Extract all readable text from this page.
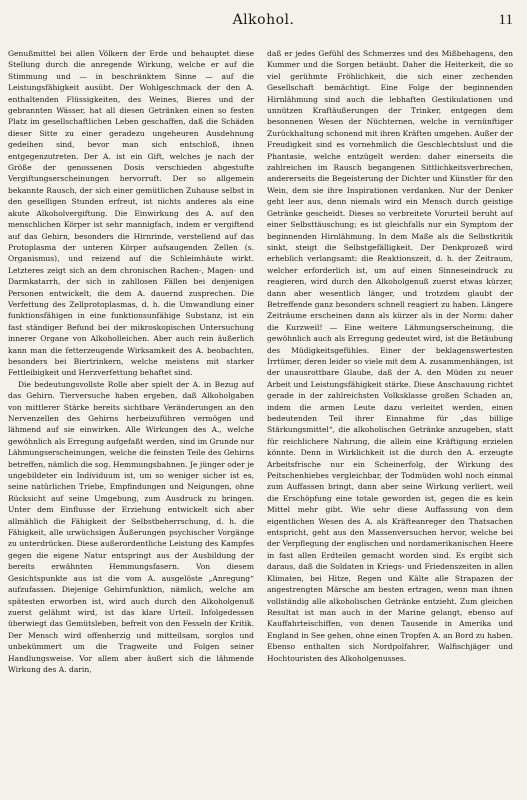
Alkohol.	11

Genußmittel bei allen Völkern der Erde und behauptet diese Stellung durch die anregende Wirkung, welche er auf die Stimmung und — in beschränktem Sinne — auf die Leistungsfähigkeit ausübt. Der Wohlgeschmack der den A. enthaltenden Flüssigkeiten, des Weines, Bieres und der gebrannten Wässer, hat all diesen Getränken einen so festen Platz im gesellschaftlichen Leben geschaffen, daß die Schäden dieser Sitte zu einer geradezu ungeheuren Ausdehnung gedeihen sind, bevor man sich entschloß, ihnen entgegenzutreten. Der A. ist ein Gift, welches je nach der Größe der genossenen Dosis verschieden abgestufte Vergiftungserscheinungen hervorruft. Der so allgemein bekannte Rausch, der sich einer gemütlichen Zuhause selbst in den geselligen Stunden erfreut, ist nichts anderes als eine akute Alkoholvergiftung. Die Einwirkung des A. auf den menschlichen Körper ist sehr mannigfach, indem er vergiftend auf das Gehirn, besonders die Hirnrinde, verstellend auf das Protoplasma der unteren Körper aufsaugenden Zellen (s. Organismus), und reizend auf die Schleimhäute wirkt. Letzteres zeigt sich an dem chronischen Rachen-, Magen- und Darmkatarrh, der sich in zahllosen Fällen bei denjenigen Personen entwickelt, die dem A. dauernd zusprechen. Die Verfettung des Zellprotoplasmas, d. h. die Umwandlung einer funktionsfähigen in eine funktionsunfähige Substanz, ist ein fast ständiger Befund bei der mikroskopischen Untersuchung innerer Organe von Alkoholleichen. Aber auch rein äußerlich kann man die fetterzeugende Wirksamkeit des A. beobachten, besonders bei Biertrinkern, welche meistens mit starker Fettleibigkeit und Herzverfettung behaftet sind.

Die bedeutungsvollste Rolle aber spielt der A. in Bezug auf das Gehirn. Tierversuche haben ergeben, daß Alkoholgaben von mittlerer Stärke bereits sichtbare Veränderungen an den Nervenzellen des Gehirns herbeizuführen vermögen und lähmend auf sie einwirken. Alle Wirkungen des A., welche gewöhnlich als Erregung aufgefaßt werden, sind im Grunde nur Lähmungserscheinungen, welche die feinsten Teile des Gehirns betreffen, nämlich die sog. Hemmungsbahnen. Je jünger oder je ungebildeter ein Individuum ist, um so weniger sicher ist es, seine natürlichen Triebe, Empfindungen und Neigungen, ohne Rücksicht auf seine Umgebung, zum Ausdruck zu bringen. Unter dem Einflusse der Erziehung entwickelt sich aber allmählich die Fähigkeit der Selbstbeherrschung, d. h. die Fähigkeit, alle urwüchsigen Äußerungen psychischer Vorgänge zu unterdrücken. Diese außerordentliche Leistung des Kampfes gegen die eigene Natur entspringt aus der Ausbildung der bereits erwähnten Hemmungsfasern. Von diesem Gesichtspunkte aus ist die vom A. ausgelöste „Anregung“ aufzufassen. Diejenige Gehirnfunktion, nämlich, welche am spätesten erworben ist, wird auch durch den Alkoholgenuß zuerst gelähmt wird, ist das klare Urteil. Infolgedessen überwiegt das Gemütsleben, befreit von den Fesseln der Kritik. Der Mensch wird offenherzig und mitteilsam, sorglos und unbekümmert um die Tragweite und Folgen seiner Handlungsweise. Vor allem aber äußert sich die lähmende Wirkung des A. darin,

daß er jedes Gefühl des Schmerzes und des Mißbehagens, den Kummer und die Sorgen betäubt. Daher die Heiterkeit, die so viel gerühmte Fröhlichkeit, die sich einer zechenden Gesellschaft bemächtigt. Eine Folge der beginnenden Hirnlähmung sind auch die lebhaften Gestikulationen und unnützen Kraftäußerungen der Trinker, entgegen dem besonnenen Wesen der Nüchternen, welche in vernünftiger Zurückhaltung schonend mit ihren Kräften umgehen. Außer der Freudigkeit sind es vornehmlich die Geschlechtslust und die Phantasie, welche entzügelt werden: daher einerseits die zahlreichen im Rausch begangenen Sittlichkeitsverbrechen, andererseits die Begeisterung der Dichter und Künstler für den Wein, dem sie ihre Inspirationen verdanken. Nur der Denker geht leer aus, denn niemals wird ein Mensch durch geistige Getränke gescheidt. Dieses so verbreitete Vorurteil beruht auf einer Selbsttäuschung; es ist gleichfalls nur ein Symptom der beginnenden Hirnlähmung. In dem Maße als die Selbstkritik sinkt, steigt die Selbstgefälligkeit. Der Denkprozeß wird erheblich verlangsamt: die Reaktionszeit, d. h. der Zeitraum, welcher erforderlich ist, um auf einen Sinneseindruck zu reagieren, wird durch den Alkoholgenuß zuerst etwas kürzer, dann aber wesentlich länger, und trotzdem glaubt der Betreffende ganz besonders schnell reagiert zu haben. Längere Zeiträume erscheinen dann als kürzer als in der Norm: daher die Kurzweil! — Eine weitere Lähmungserscheinung, die gewöhnlich auch als Erregung gedeutet wird, ist die Betäubung des Müdigkeitsgefühles. Einer der beklagenswertesten Irrtümer, deren leider so viele mit dem A. zusammenhängen, ist der unausrottbare Glaube, daß der A. den Müden zu neuer Arbeit und Leistungsfähigkeit stärke. Diese Anschauung richtet gerade in der zahlreichsten Volksklasse großen Schaden an, indem die armen Leute dazu verleitet werden, einen bedeutenden Teil ihrer Einnahme für „das billige Stärkungsmittel“, die alkoholischen Getränke anzugeben, statt für reichlichere Nahrung, die allein eine Kräftigung erzielen könnte. Denn in Wirklichkeit ist die durch den A. erzeugte Arbeitsfrische nur ein Scheinerfolg, der Wirkung des Peitschenhiebes vergleichbar, der Todmüden wohl noch einmal zum Auffassen bringt, dann aber seine Wirkung verliert, weil die Erschöpfung eine totale geworden ist, gegen die es kein Mittel mehr gibt. Wie sehr diese Auffassung von dem eigentlichen Wesen des A. als Kräfteanreger den Thatsachen entspricht, geht aus den Massenversuchen hervor, welche bei der Verpflegung der englischen und nordamerikanischen Heere in fast allen Erdteilen gemacht worden sind. Es ergibt sich daraus, daß die Soldaten in Kriegs- und Friedenszeiten in allen Klimaten, bei Hitze, Regen und Kälte alle Strapazen der angestrengten Märsche am besten ertragen, wenn man ihnen vollständig alle alkoholischen Getränke entzieht. Zum gleichen Resultat ist man auch in der Marine gelangt, ebenso auf Kauffahrteischiffen, von denen Tausende in Amerika und England in See gehen, ohne einen Tropfen A. an Bord zu haben. Ebenso enthalten sich Nordpolfahrer, Walfischjäger und Hochtouristen des Alkoholgenusses.
